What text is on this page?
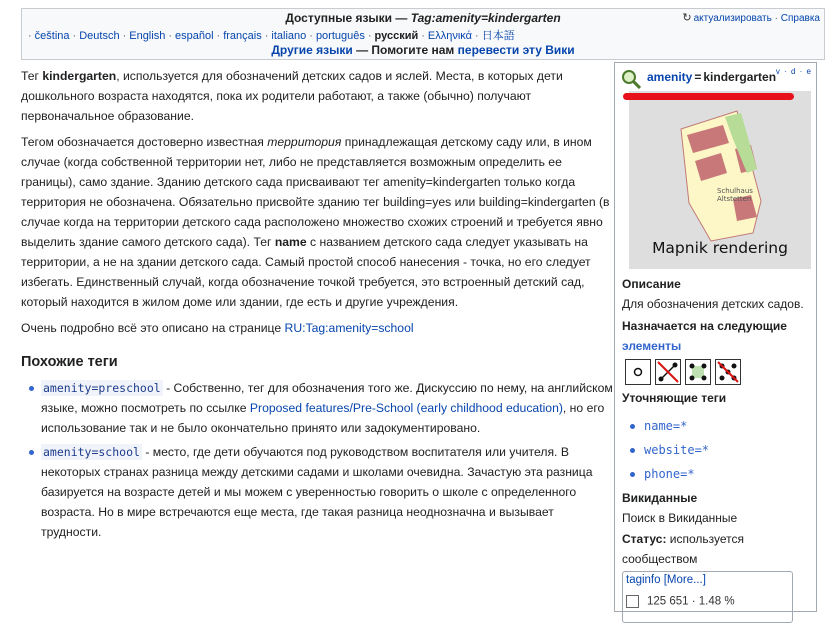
Доступные языки — Tag:amenity=kindergarten	↻ актуализировать · Справка
· čeština · Deutsch · English · español · français · italiano · português · русский · Ελληνικά · 日本語
Другие языки — Помогите нам перевести эту Вики

Тег kindergarten, используется для обозначений детских садов и яслей. Места, в которых дети дошкольного возраста находятся, пока их родители работают, а также (обычно) получают первоначальное образование.

Тегом обозначается достоверно известная территория принадлежащая детскому саду или, в ином случае (когда собственной территории нет, либо не представляется возможным определить ее границы), само здание. Зданию детского сада присваивают тег amenity=kindergarten только когда территория не обозначена. Обязательно присвойте зданию тег building=yes или building=kindergarten (в случае когда на территории детского сада расположено множество схожих строений и требуется явно выделить здание самого детского сада). Тег name с названием детского сада следует указывать на территории, а не на здании детского сада. Самый простой способ нанесения - точка, но его следует избегать. Единственный случай, когда обозначение точкой требуется, это встроенный детский сад, который находится в жилом доме или здании, где есть и другие учреждения.

Очень подробно всё это описано на странице RU:Tag:amenity=school

Похожие теги
amenity=preschool - Собственно, тег для обозначения того же. Дискуссию по нему, на английском языке, можно посмотреть по ссылке Proposed features/Pre-School (early childhood education), но его использование так и не было окончательно принято или задокументировано.
amenity=school - место, где дети обучаются под руководством воспитателя или учителя. В некоторых странах разница между детскими садами и школами очевидна. Зачастую эта разница базируется на возрасте детей и мы можем с уверенностью говорить о школе с определенного возраста. Но в мире встречаются еще места, где такая разница неоднозначна и вызывает трудности.
amenity = kindergarten v · d · e
Schulhaus
Altstetten
Mapnik rendering
Описание
Для обозначения детских садов.
Назначается на следующие
элементы
Уточняющие теги
name=*
website=*
phone=*
Викиданные
Поиск в Викиданные
Статус: используется
сообществом
taginfo [More...]
125 651 · 1.48 %
